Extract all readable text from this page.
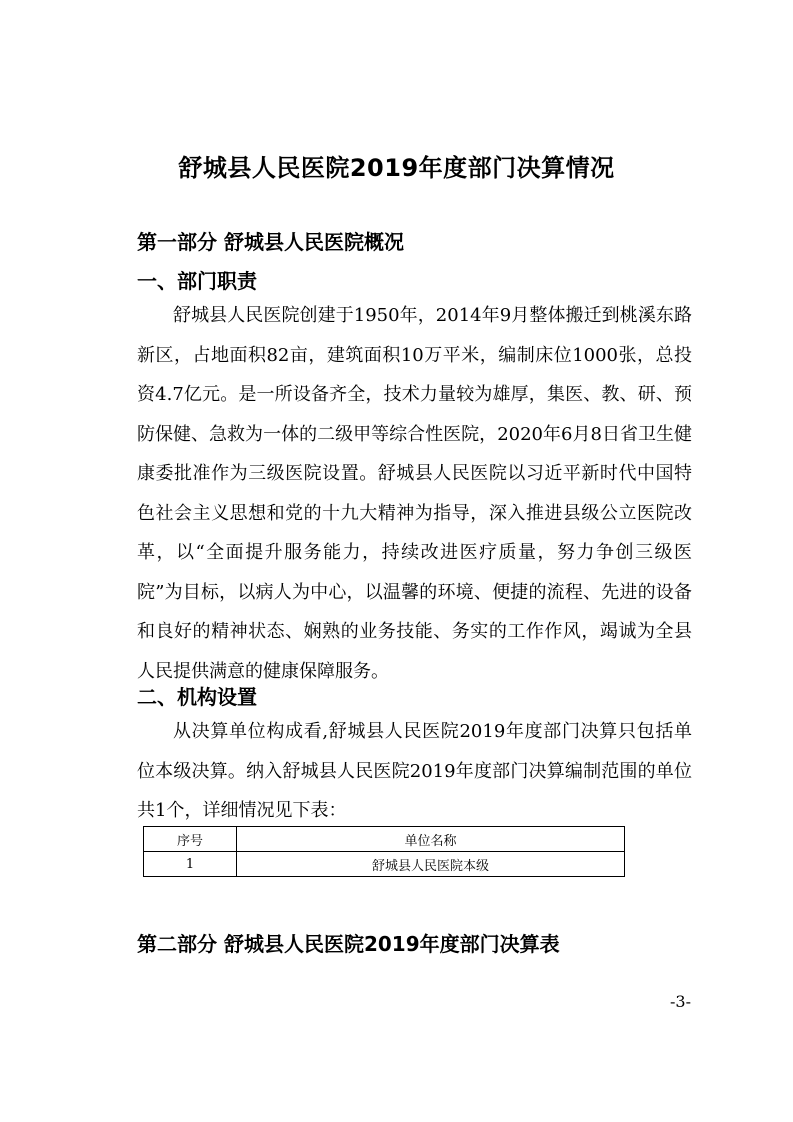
舒城县人民医院2019年度部门决算情况
第一部分 舒城县人民医院概况
一、部门职责

舒城县人民医院创建于1950年，2014年9月整体搬迁到桃溪东路新区，占地面积82亩，建筑面积10万平米，编制床位1000张，总投资4.7亿元。是一所设备齐全，技术力量较为雄厚，集医、教、研、预防保健、急救为一体的二级甲等综合性医院，2020年6月8日省卫生健康委批准作为三级医院设置。舒城县人民医院以习近平新时代中国特色社会主义思想和党的十九大精神为指导，深入推进县级公立医院改革，以“全面提升服务能力，持续改进医疗质量，努力争创三级医院”为目标，以病人为中心，以温馨的环境、便捷的流程、先进的设备和良好的精神状态、娴熟的业务技能、务实的工作作风，竭诚为全县人民提供满意的健康保障服务。

二、机构设置

从决算单位构成看,舒城县人民医院2019年度部门决算只包括单位本级决算。纳入舒城县人民医院2019年度部门决算编制范围的单位共1个，详细情况见下表：

序号	单位名称
1	舒城县人民医院本级
第二部分 舒城县人民医院2019年度部门决算表

-3-
